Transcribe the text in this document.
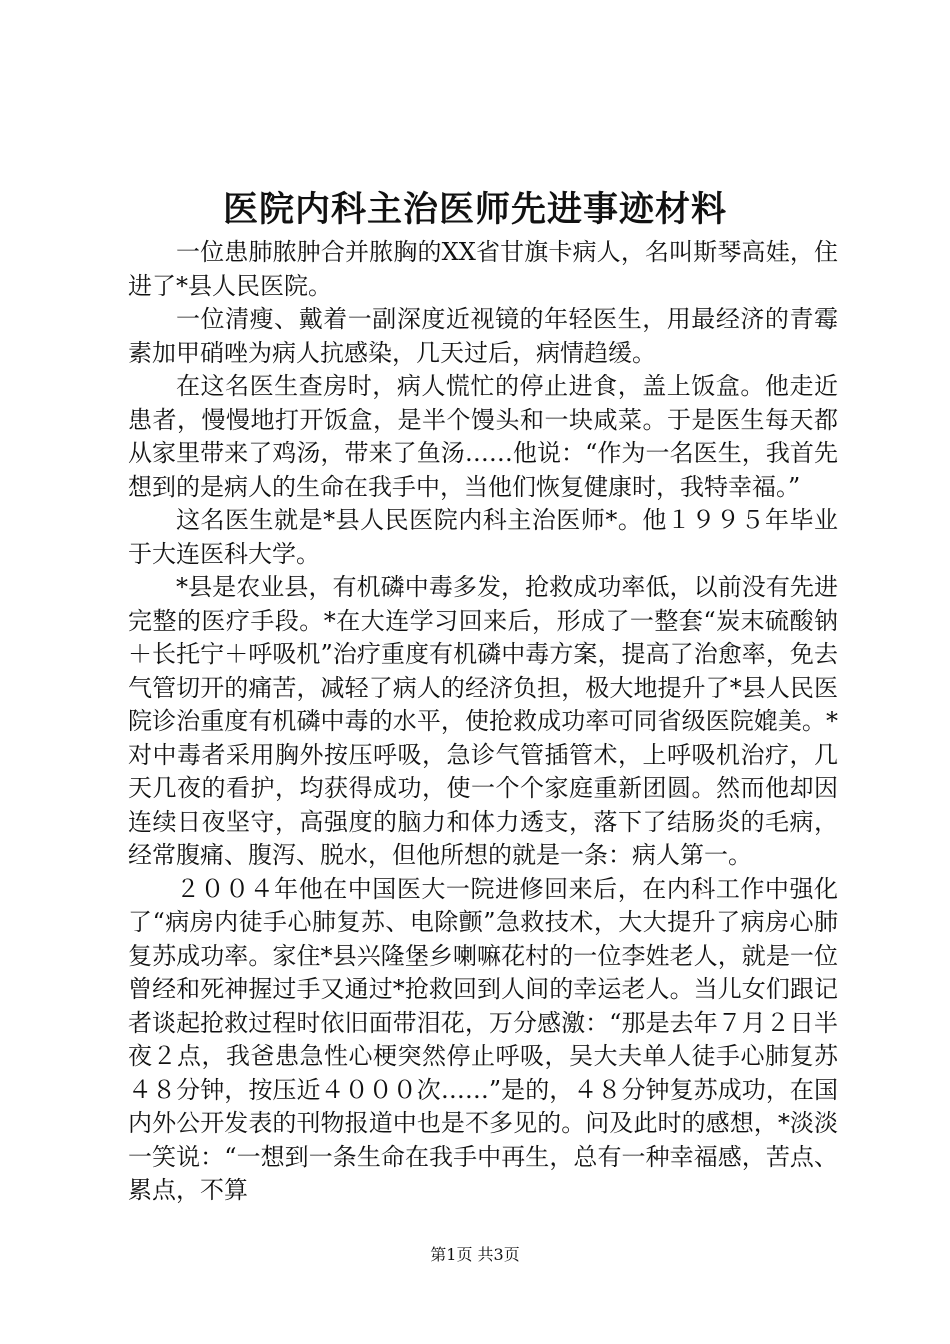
医院内科主治医师先进事迹材料

一位患肺脓肿合并脓胸的XX省甘旗卡病人，名叫斯琴高娃，住进了*县人民医院。

一位清瘦、戴着一副深度近视镜的年轻医生，用最经济的青霉素加甲硝唑为病人抗感染，几天过后，病情趋缓。

在这名医生查房时，病人慌忙的停止进食，盖上饭盒。他走近患者，慢慢地打开饭盒，是半个馒头和一块咸菜。于是医生每天都从家里带来了鸡汤，带来了鱼汤……他说：“作为一名医生，我首先想到的是病人的生命在我手中，当他们恢复健康时，我特幸福。”

这名医生就是*县人民医院内科主治医师*。他１９９５年毕业于大连医科大学。

*县是农业县，有机磷中毒多发，抢救成功率低，以前没有先进完整的医疗手段。*在大连学习回来后，形成了一整套“炭末硫酸钠＋长托宁＋呼吸机”治疗重度有机磷中毒方案，提高了治愈率，免去气管切开的痛苦，减轻了病人的经济负担，极大地提升了*县人民医院诊治重度有机磷中毒的水平，使抢救成功率可同省级医院媲美。*对中毒者采用胸外按压呼吸，急诊气管插管术，上呼吸机治疗，几天几夜的看护，均获得成功，使一个个家庭重新团圆。然而他却因连续日夜坚守，高强度的脑力和体力透支，落下了结肠炎的毛病，经常腹痛、腹泻、脱水，但他所想的就是一条：病人第一。

２００４年他在中国医大一院进修回来后，在内科工作中强化了“病房内徒手心肺复苏、电除颤”急救技术，大大提升了病房心肺复苏成功率。家住*县兴隆堡乡喇嘛花村的一位李姓老人，就是一位曾经和死神握过手又通过*抢救回到人间的幸运老人。当儿女们跟记者谈起抢救过程时依旧面带泪花，万分感激：“那是去年７月２日半夜２点，我爸患急性心梗突然停止呼吸，吴大夫单人徒手心肺复苏４８分钟，按压近４０００次……”是的，４８分钟复苏成功，在国内外公开发表的刊物报道中也是不多见的。问及此时的感想，*淡淡一笑说：“一想到一条生命在我手中再生，总有一种幸福感，苦点、累点，不算

第1页 共3页
